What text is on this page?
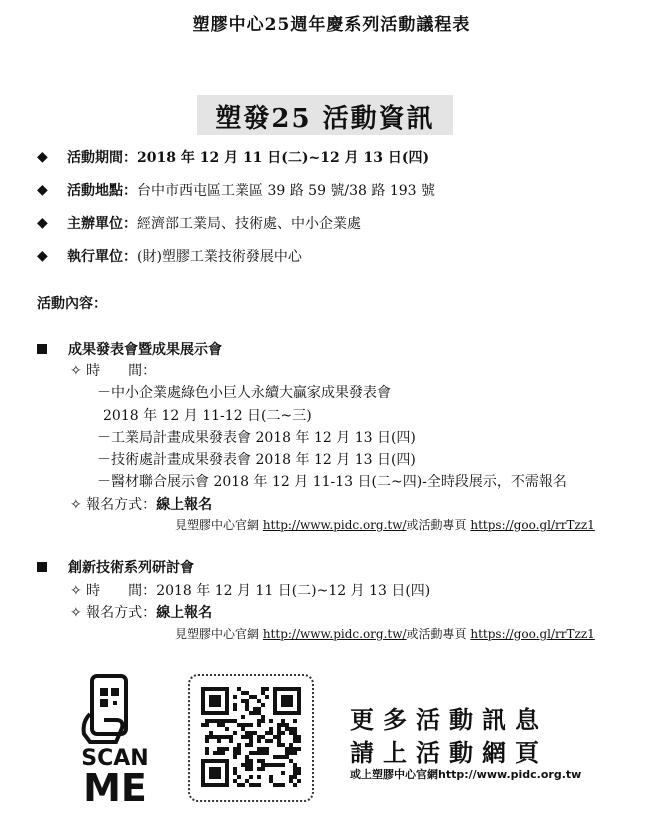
塑膠中心25週年慶系列活動議程表
塑發25 活動資訊
◆	活動期間： 2018 年 12 月 11 日(二)~12 月 13 日(四)
◆	活動地點： 台中市西屯區工業區 39 路 59 號/38 路 193 號
◆	主辦單位： 經濟部工業局、技術處、中小企業處
◆	執行單位： (財)塑膠工業技術發展中心
活動內容：
成果發表會暨成果展示會
✧ 時　　間：
－中小企業處綠色小巨人永續大贏家成果發表會
2018 年 12 月 11-12 日(二~三)
－工業局計畫成果發表會 2018 年 12 月 13 日(四)
－技術處計畫成果發表會 2018 年 12 月 13 日(四)
－醫材聯合展示會 2018 年 12 月 11-13 日(二~四)-全時段展示，不需報名
✧ 報名方式：線上報名
見塑膠中心官網 http://www.pidc.org.tw/或活動專頁 https://goo.gl/rrTzz1
創新技術系列研討會
✧ 時　　間：2018 年 12 月 11 日(二)~12 月 13 日(四)
✧ 報名方式：線上報名
見塑膠中心官網 http://www.pidc.org.tw/或活動專頁 https://goo.gl/rrTzz1
SCAN
ME
更多活動訊息
請上活動網頁
或上塑膠中心官網http://www.pidc.org.tw
